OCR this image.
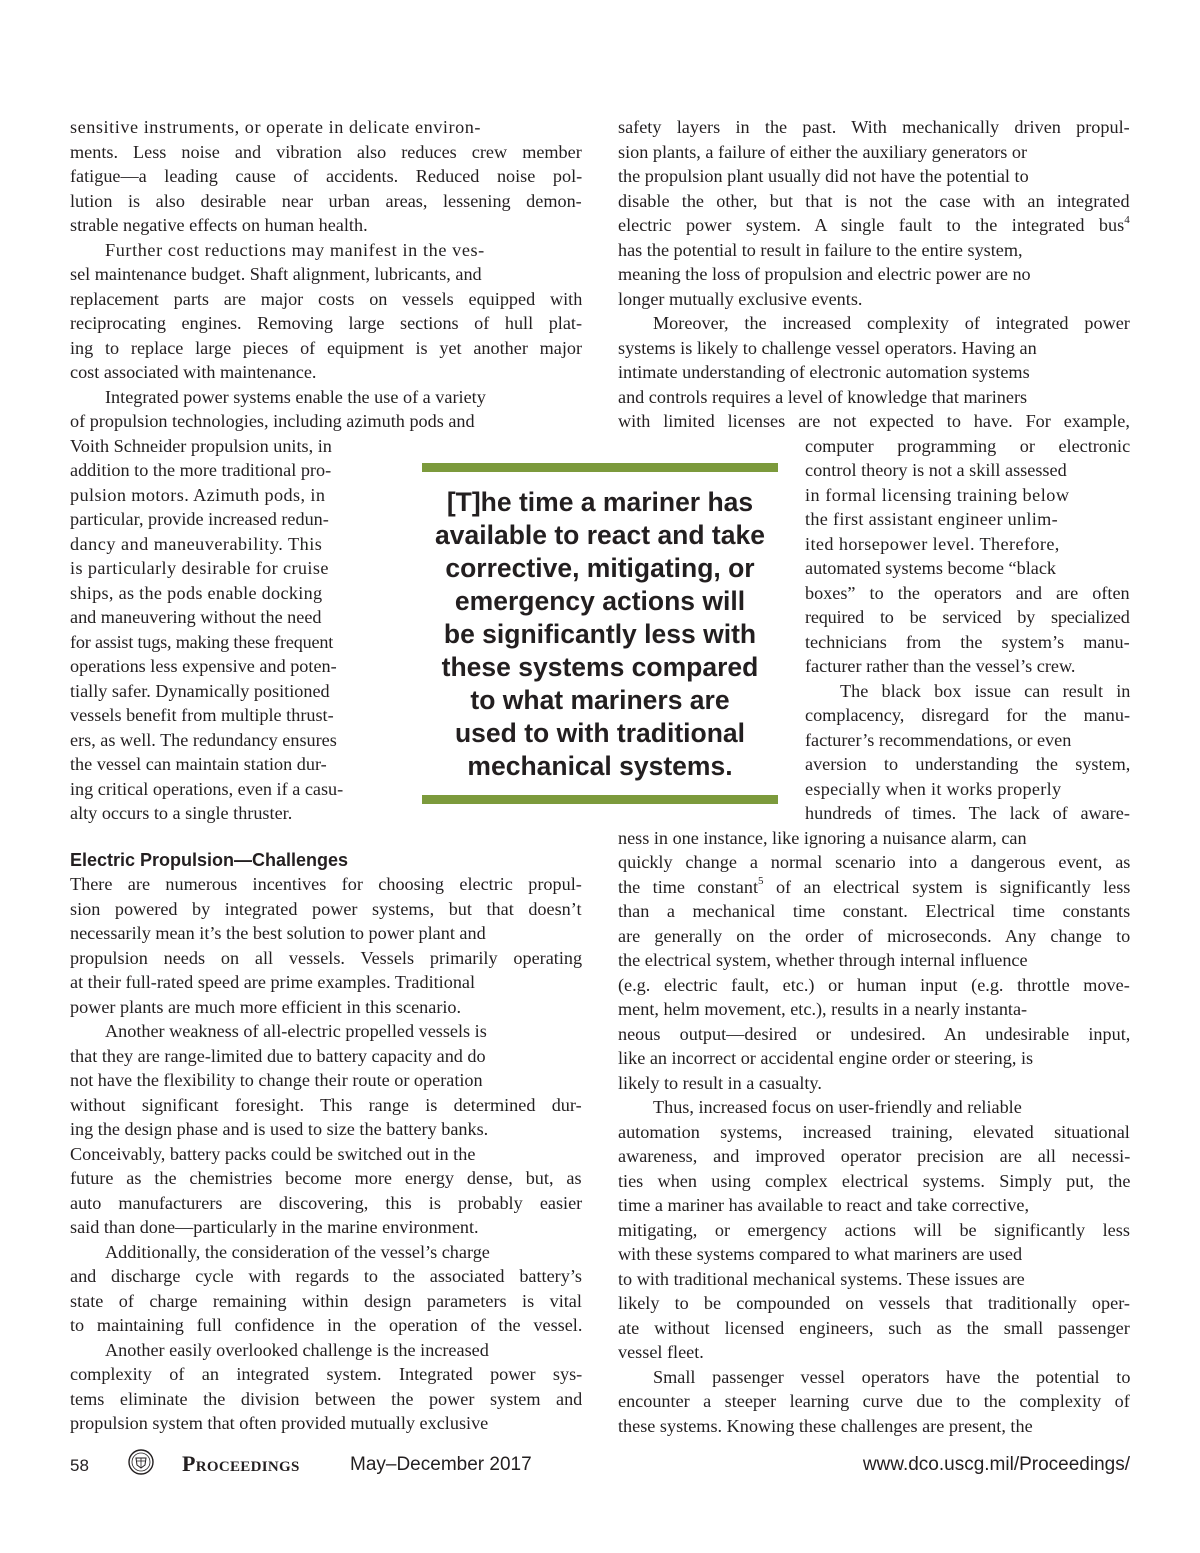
sensitive instruments, or operate in delicate environ-
ments. Less noise and vibration also reduces crew member
fatigue—a leading cause of accidents. Reduced noise pol-
lution is also desirable near urban areas, lessening demon-
strable negative effects on human health.
Further cost reductions may manifest in the ves-
sel maintenance budget. Shaft alignment, lubricants, and
replacement parts are major costs on vessels equipped with
reciprocating engines. Removing large sections of hull plat-
ing to replace large pieces of equipment is yet another major
cost associated with maintenance.
Integrated power systems enable the use of a variety
of propulsion technologies, including azimuth pods and
Voith Schneider propulsion units, in
addition to the more traditional pro-
pulsion motors. Azimuth pods, in
particular, provide increased redun-
dancy and maneuverability. This
is particularly desirable for cruise
ships, as the pods enable docking
and maneuvering without the need
for assist tugs, making these frequent
operations less expensive and poten-
tially safer. Dynamically positioned
vessels benefit from multiple thrust-
ers, as well. The redundancy ensures
the vessel can maintain station dur-
ing critical operations, even if a casu-
alty occurs to a single thruster.
Electric Propulsion—Challenges
There are numerous incentives for choosing electric propul-
sion powered by integrated power systems, but that doesn’t
necessarily mean it’s the best solution to power plant and
propulsion needs on all vessels. Vessels primarily operating
at their full-rated speed are prime examples. Traditional
power plants are much more efficient in this scenario.
Another weakness of all-electric propelled vessels is
that they are range-limited due to battery capacity and do
not have the flexibility to change their route or operation
without significant foresight. This range is determined dur-
ing the design phase and is used to size the battery banks.
Conceivably, battery packs could be switched out in the
future as the chemistries become more energy dense, but, as
auto manufacturers are discovering, this is probably easier
said than done—particularly in the marine environment.
Additionally, the consideration of the vessel’s charge
and discharge cycle with regards to the associated battery’s
state of charge remaining within design parameters is vital
to maintaining full confidence in the operation of the vessel.
Another easily overlooked challenge is the increased
complexity of an integrated system. Integrated power sys-
tems eliminate the division between the power system and
propulsion system that often provided mutually exclusive
[T]he time a mariner has
available to react and take
corrective, mitigating, or
emergency actions will
be significantly less with
these systems compared
to what mariners are
used to with traditional
mechanical systems.
safety layers in the past. With mechanically driven propul-
sion plants, a failure of either the auxiliary generators or
the propulsion plant usually did not have the potential to
disable the other, but that is not the case with an integrated
electric power system. A single fault to the integrated bus$^4$
has the potential to result in failure to the entire system,
meaning the loss of propulsion and electric power are no
longer mutually exclusive events.
Moreover, the increased complexity of integrated power
systems is likely to challenge vessel operators. Having an
intimate understanding of electronic automation systems
and controls requires a level of knowledge that mariners
with limited licenses are not expected to have. For example,
computer programming or electronic
control theory is not a skill assessed
in formal licensing training below
the first assistant engineer unlim-
ited horsepower level. Therefore,
automated systems become “black
boxes” to the operators and are often
required to be serviced by specialized
technicians from the system’s manu-
facturer rather than the vessel’s crew.
The black box issue can result in
complacency, disregard for the manu-
facturer’s recommendations, or even
aversion to understanding the system,
especially when it works properly
hundreds of times. The lack of aware-
ness in one instance, like ignoring a nuisance alarm, can
quickly change a normal scenario into a dangerous event, as
the time constant$^5$ of an electrical system is significantly less
than a mechanical time constant. Electrical time constants
are generally on the order of microseconds. Any change to
the electrical system, whether through internal influence
(e.g. electric fault, etc.) or human input (e.g. throttle move-
ment, helm movement, etc.), results in a nearly instanta-
neous output—desired or undesired. An undesirable input,
like an incorrect or accidental engine order or steering, is
likely to result in a casualty.
Thus, increased focus on user-friendly and reliable
automation systems, increased training, elevated situational
awareness, and improved operator precision are all necessi-
ties when using complex electrical systems. Simply put, the
time a mariner has available to react and take corrective,
mitigating, or emergency actions will be significantly less
with these systems compared to what mariners are used
to with traditional mechanical systems. These issues are
likely to be compounded on vessels that traditionally oper-
ate without licensed engineers, such as the small passenger
vessel fleet.
Small passenger vessel operators have the potential to
encounter a steeper learning curve due to the complexity of
these systems. Knowing these challenges are present, the
58	Proceedings	May–December 2017	www.dco.uscg.mil/Proceedings/
